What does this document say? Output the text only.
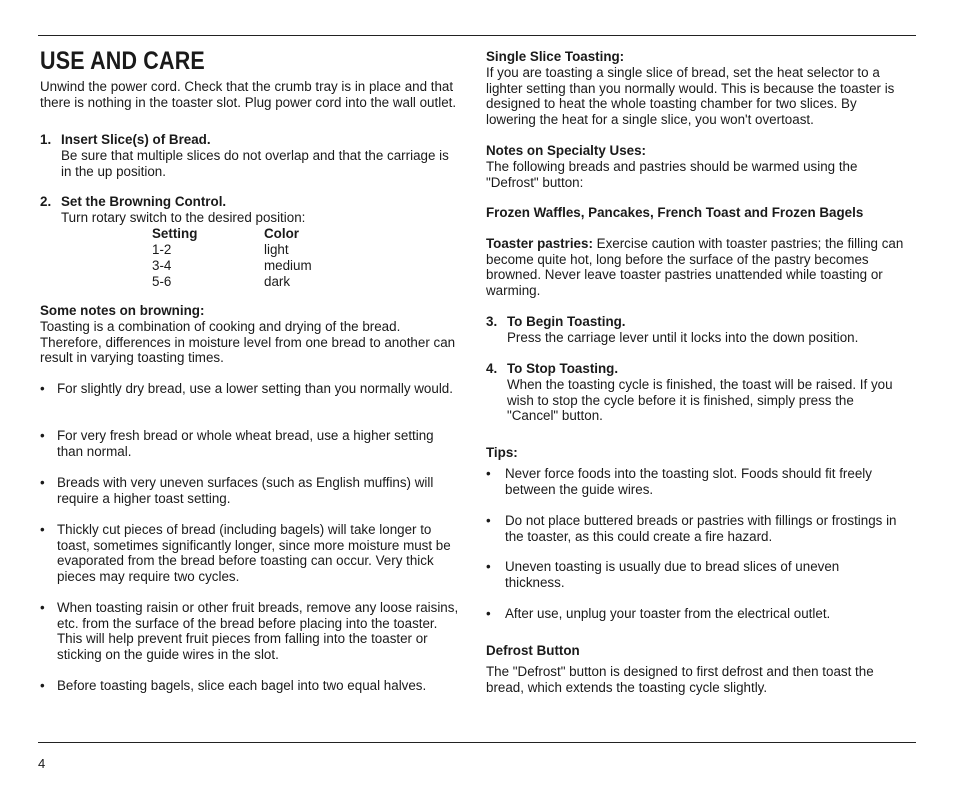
USE AND CARE

Unwind the power cord. Check that the crumb tray is in place and that there is nothing in the toaster slot. Plug power cord into the wall outlet.

1. Insert Slice(s) of Bread.

Be sure that multiple slices do not overlap and that the carriage is in the up position.

2. Set the Browning Control.

Turn rotary switch to the desired position:

Setting	Color
1-2	light
3-4	medium
5-6	dark

Some notes on browning:

Toasting is a combination of cooking and drying of the bread. Therefore, differences in moisture level from one bread to another can result in varying toasting times.

• For slightly dry bread, use a lower setting than you normally would.

• For very fresh bread or whole wheat bread, use a higher setting than normal.

• Breads with very uneven surfaces (such as English muffins) will require a higher toast setting.

• Thickly cut pieces of bread (including bagels) will take longer to toast, sometimes significantly longer, since more moisture must be evaporated from the bread before toasting can occur. Very thick pieces may require two cycles.

• When toasting raisin or other fruit breads, remove any loose raisins, etc. from the surface of the bread before placing into the toaster. This will help prevent fruit pieces from falling into the toaster or sticking on the guide wires in the slot.

• Before toasting bagels, slice each bagel into two equal halves.

Single Slice Toasting:

If you are toasting a single slice of bread, set the heat selector to a lighter setting than you normally would. This is because the toaster is designed to heat the whole toasting chamber for two slices. By lowering the heat for a single slice, you won't overtoast.

Notes on Specialty Uses:

The following breads and pastries should be warmed using the "Defrost" button:

Frozen Waffles, Pancakes, French Toast and Frozen Bagels

Toaster pastries: Exercise caution with toaster pastries; the filling can become quite hot, long before the surface of the pastry becomes browned. Never leave toaster pastries unattended while toasting or warming.

3. To Begin Toasting.

Press the carriage lever until it locks into the down position.

4. To Stop Toasting.

When the toasting cycle is finished, the toast will be raised. If you wish to stop the cycle before it is finished, simply press the "Cancel" button.

Tips:

• Never force foods into the toasting slot. Foods should fit freely between the guide wires.

• Do not place buttered breads or pastries with fillings or frostings in the toaster, as this could create a fire hazard.

• Uneven toasting is usually due to bread slices of uneven thickness.

• After use, unplug your toaster from the electrical outlet.

Defrost Button

The "Defrost" button is designed to first defrost and then toast the bread, which extends the toasting cycle slightly.

4
